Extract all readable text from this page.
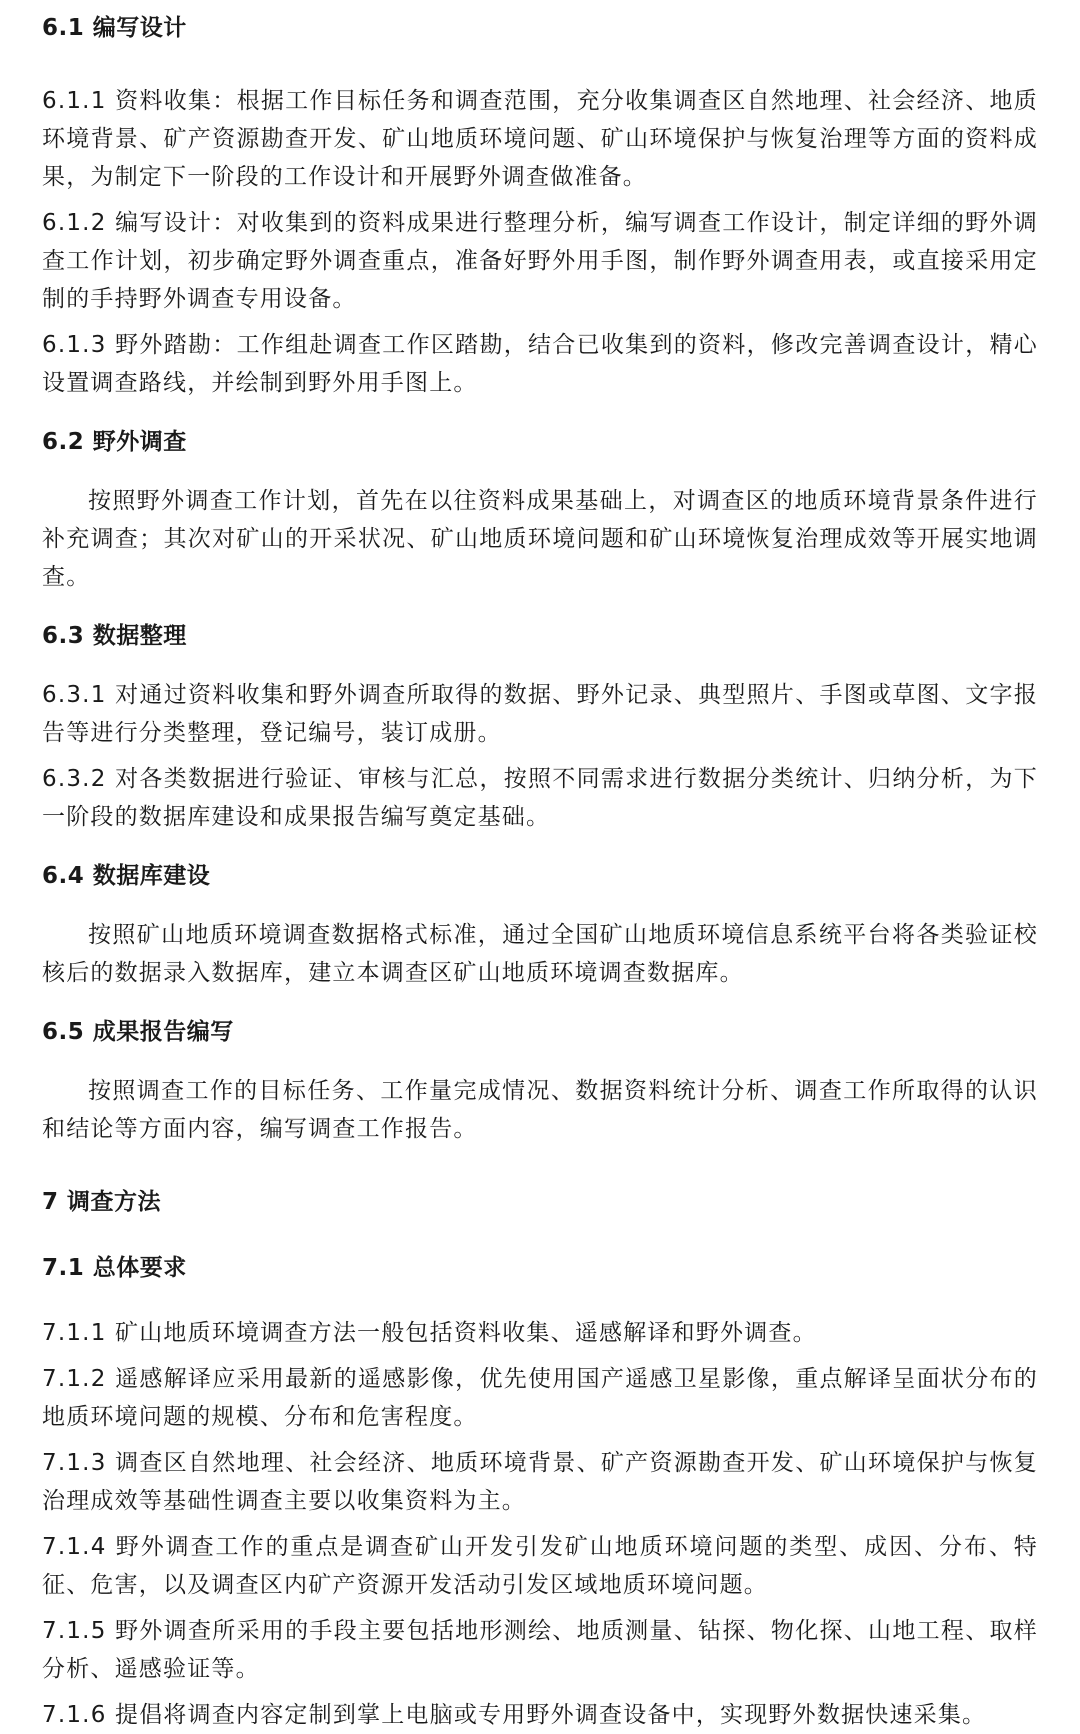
6.1 编写设计

6.1.1 资料收集：根据工作目标任务和调查范围，充分收集调查区自然地理、社会经济、地质环境背景、矿产资源勘查开发、矿山地质环境问题、矿山环境保护与恢复治理等方面的资料成果，为制定下一阶段的工作设计和开展野外调查做准备。

6.1.2 编写设计：对收集到的资料成果进行整理分析，编写调查工作设计，制定详细的野外调查工作计划，初步确定野外调查重点，准备好野外用手图，制作野外调查用表，或直接采用定制的手持野外调查专用设备。

6.1.3 野外踏勘：工作组赴调查工作区踏勘，结合已收集到的资料，修改完善调查设计，精心设置调查路线，并绘制到野外用手图上。

6.2 野外调查

按照野外调查工作计划，首先在以往资料成果基础上，对调查区的地质环境背景条件进行补充调查；其次对矿山的开采状况、矿山地质环境问题和矿山环境恢复治理成效等开展实地调查。

6.3 数据整理

6.3.1 对通过资料收集和野外调查所取得的数据、野外记录、典型照片、手图或草图、文字报告等进行分类整理，登记编号，装订成册。

6.3.2 对各类数据进行验证、审核与汇总，按照不同需求进行数据分类统计、归纳分析，为下一阶段的数据库建设和成果报告编写奠定基础。

6.4 数据库建设

按照矿山地质环境调查数据格式标准，通过全国矿山地质环境信息系统平台将各类验证校核后的数据录入数据库，建立本调查区矿山地质环境调查数据库。

6.5 成果报告编写

按照调查工作的目标任务、工作量完成情况、数据资料统计分析、调查工作所取得的认识和结论等方面内容，编写调查工作报告。

7 调查方法
7.1 总体要求

7.1.1 矿山地质环境调查方法一般包括资料收集、遥感解译和野外调查。

7.1.2 遥感解译应采用最新的遥感影像，优先使用国产遥感卫星影像，重点解译呈面状分布的地质环境问题的规模、分布和危害程度。

7.1.3 调查区自然地理、社会经济、地质环境背景、矿产资源勘查开发、矿山环境保护与恢复治理成效等基础性调查主要以收集资料为主。

7.1.4 野外调查工作的重点是调查矿山开发引发矿山地质环境问题的类型、成因、分布、特征、危害，以及调查区内矿产资源开发活动引发区域地质环境问题。

7.1.5 野外调查所采用的手段主要包括地形测绘、地质测量、钻探、物化探、山地工程、取样分析、遥感验证等。

7.1.6 提倡将调查内容定制到掌上电脑或专用野外调查设备中，实现野外数据快速采集。
